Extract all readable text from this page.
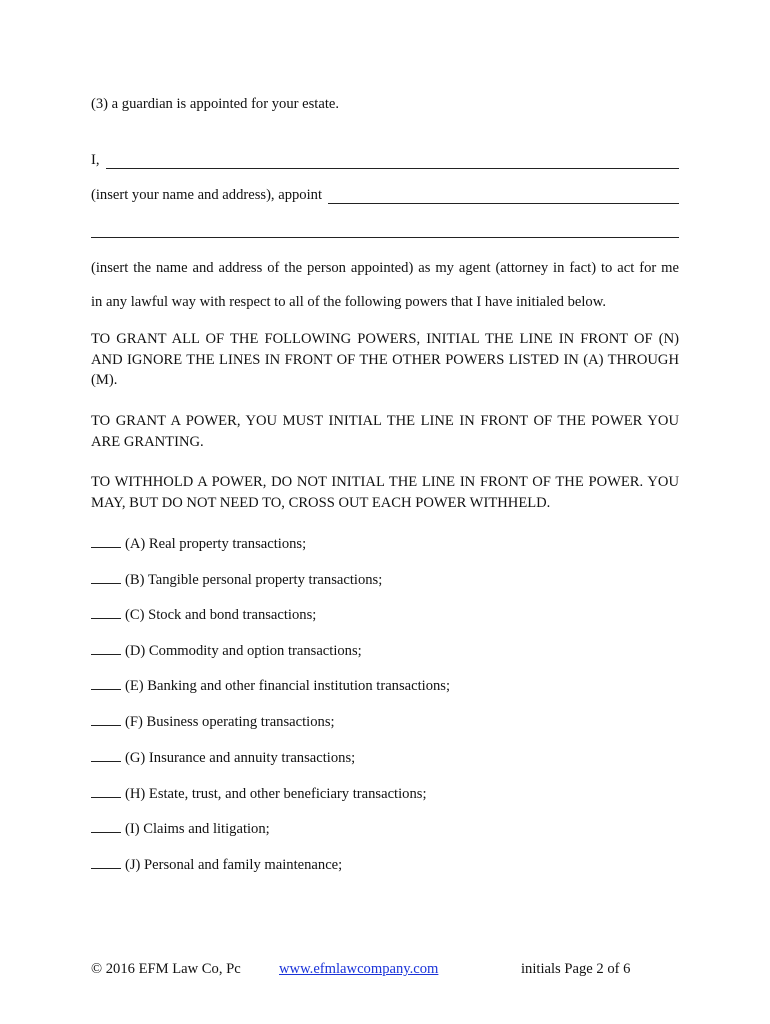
(3) a guardian is appointed for your estate.
I,
(insert your name and address), appoint
(insert the name and address of the person appointed) as my agent (attorney in fact) to act for me
in any lawful way with respect to all of the following powers that I have initialed below.
TO GRANT ALL OF THE FOLLOWING POWERS, INITIAL THE LINE IN FRONT OF (N) AND IGNORE THE LINES IN FRONT OF THE OTHER POWERS LISTED IN (A) THROUGH (M).
TO GRANT A POWER, YOU MUST INITIAL THE LINE IN FRONT OF THE POWER YOU ARE GRANTING.
TO WITHHOLD A POWER, DO NOT INITIAL THE LINE IN FRONT OF THE POWER. YOU MAY, BUT DO NOT NEED TO, CROSS OUT EACH POWER WITHHELD.
(A) Real property transactions;
(B) Tangible personal property transactions;
(C) Stock and bond transactions;
(D) Commodity and option transactions;
(E) Banking and other financial institution transactions;
(F) Business operating transactions;
(G) Insurance and annuity transactions;
(H) Estate, trust, and other beneficiary transactions;
(I) Claims and litigation;
(J) Personal and family maintenance;
© 2016 EFM Law Co, Pc	www.efmlawcompany.com	initials Page 2 of 6
